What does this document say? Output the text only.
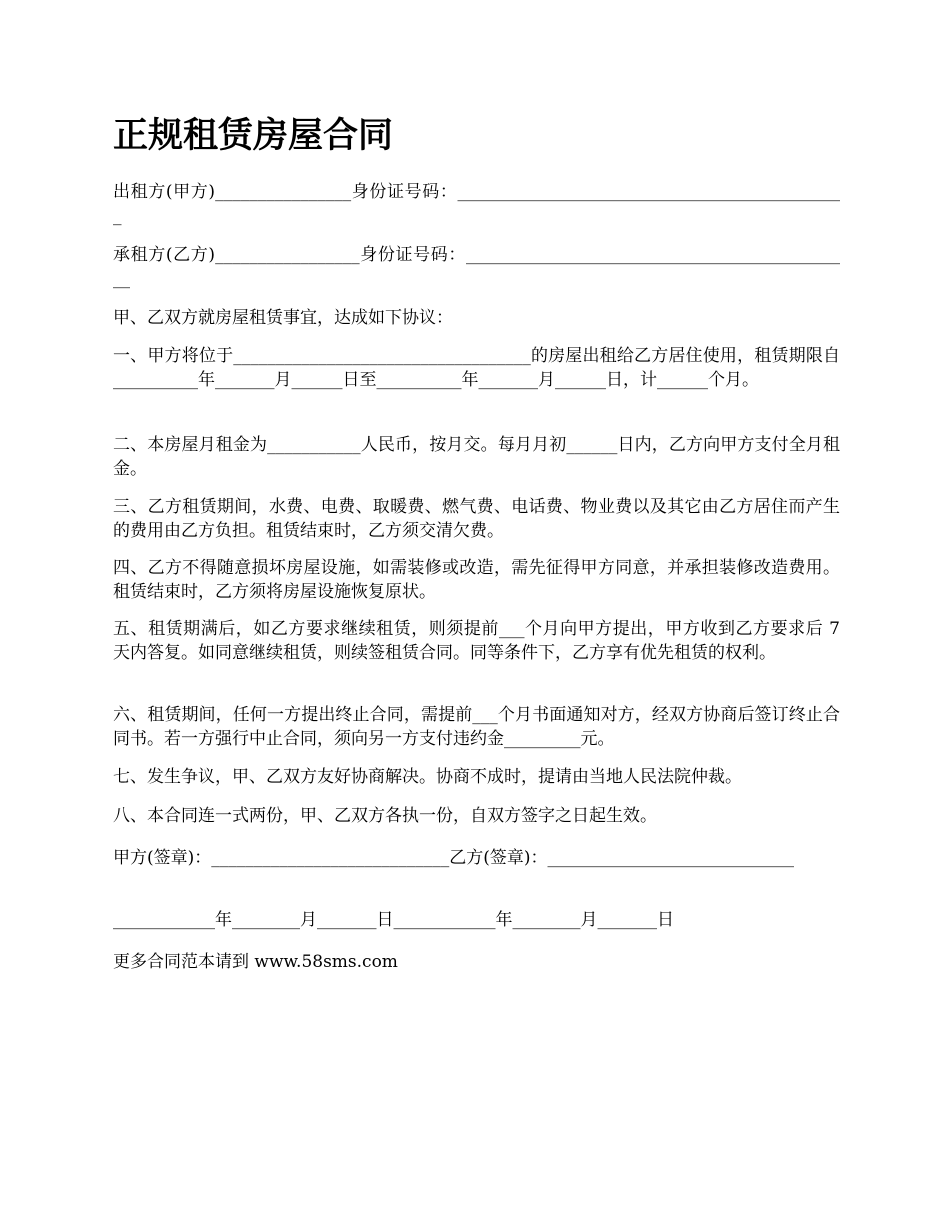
正规租赁房屋合同

出租方(甲方)________________身份证号码：______________________________________________

承租方(乙方)_________________身份证号码：______________________________________________

甲、乙双方就房屋租赁事宜，达成如下协议：

一、甲方将位于___________________________________的房屋出租给乙方居住使用，租赁期限自__________年_______月______日至__________年_______月______日，计______个月。

二、本房屋月租金为___________人民币，按月交。每月月初______日内，乙方向甲方支付全月租金。

三、乙方租赁期间，水费、电费、取暖费、燃气费、电话费、物业费以及其它由乙方居住而产生的费用由乙方负担。租赁结束时，乙方须交清欠费。

四、乙方不得随意损坏房屋设施，如需装修或改造，需先征得甲方同意，并承担装修改造费用。租赁结束时，乙方须将房屋设施恢复原状。

五、租赁期满后，如乙方要求继续租赁，则须提前___个月向甲方提出，甲方收到乙方要求后 7 天内答复。如同意继续租赁，则续签租赁合同。同等条件下，乙方享有优先租赁的权利。

六、租赁期间，任何一方提出终止合同，需提前___个月书面通知对方，经双方协商后签订终止合同书。若一方强行中止合同，须向另一方支付违约金_________元。

七、发生争议，甲、乙双方友好协商解决。协商不成时，提请由当地人民法院仲裁。

八、本合同连一式两份，甲、乙双方各执一份，自双方签字之日起生效。

甲方(签章)：____________________________乙方(签章)：_____________________________

____________年________月_______日____________年________月_______日

更多合同范本请到 www.58sms.com
